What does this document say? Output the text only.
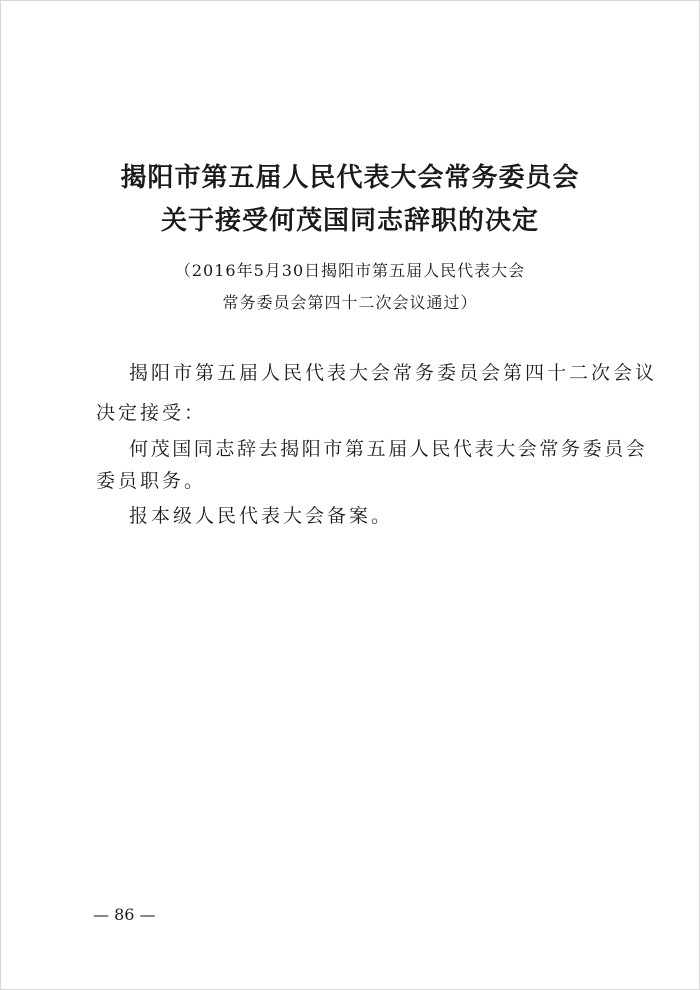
揭阳市第五届人民代表大会常务委员会
关于接受何茂国同志辞职的决定
（2016年5月30日揭阳市第五届人民代表大会
常务委员会第四十二次会议通过）
揭阳市第五届人民代表大会常务委员会第四十二次会议
决定接受：
何茂国同志辞去揭阳市第五届人民代表大会常务委员会
委员职务。
报本级人民代表大会备案。
— 86 —
